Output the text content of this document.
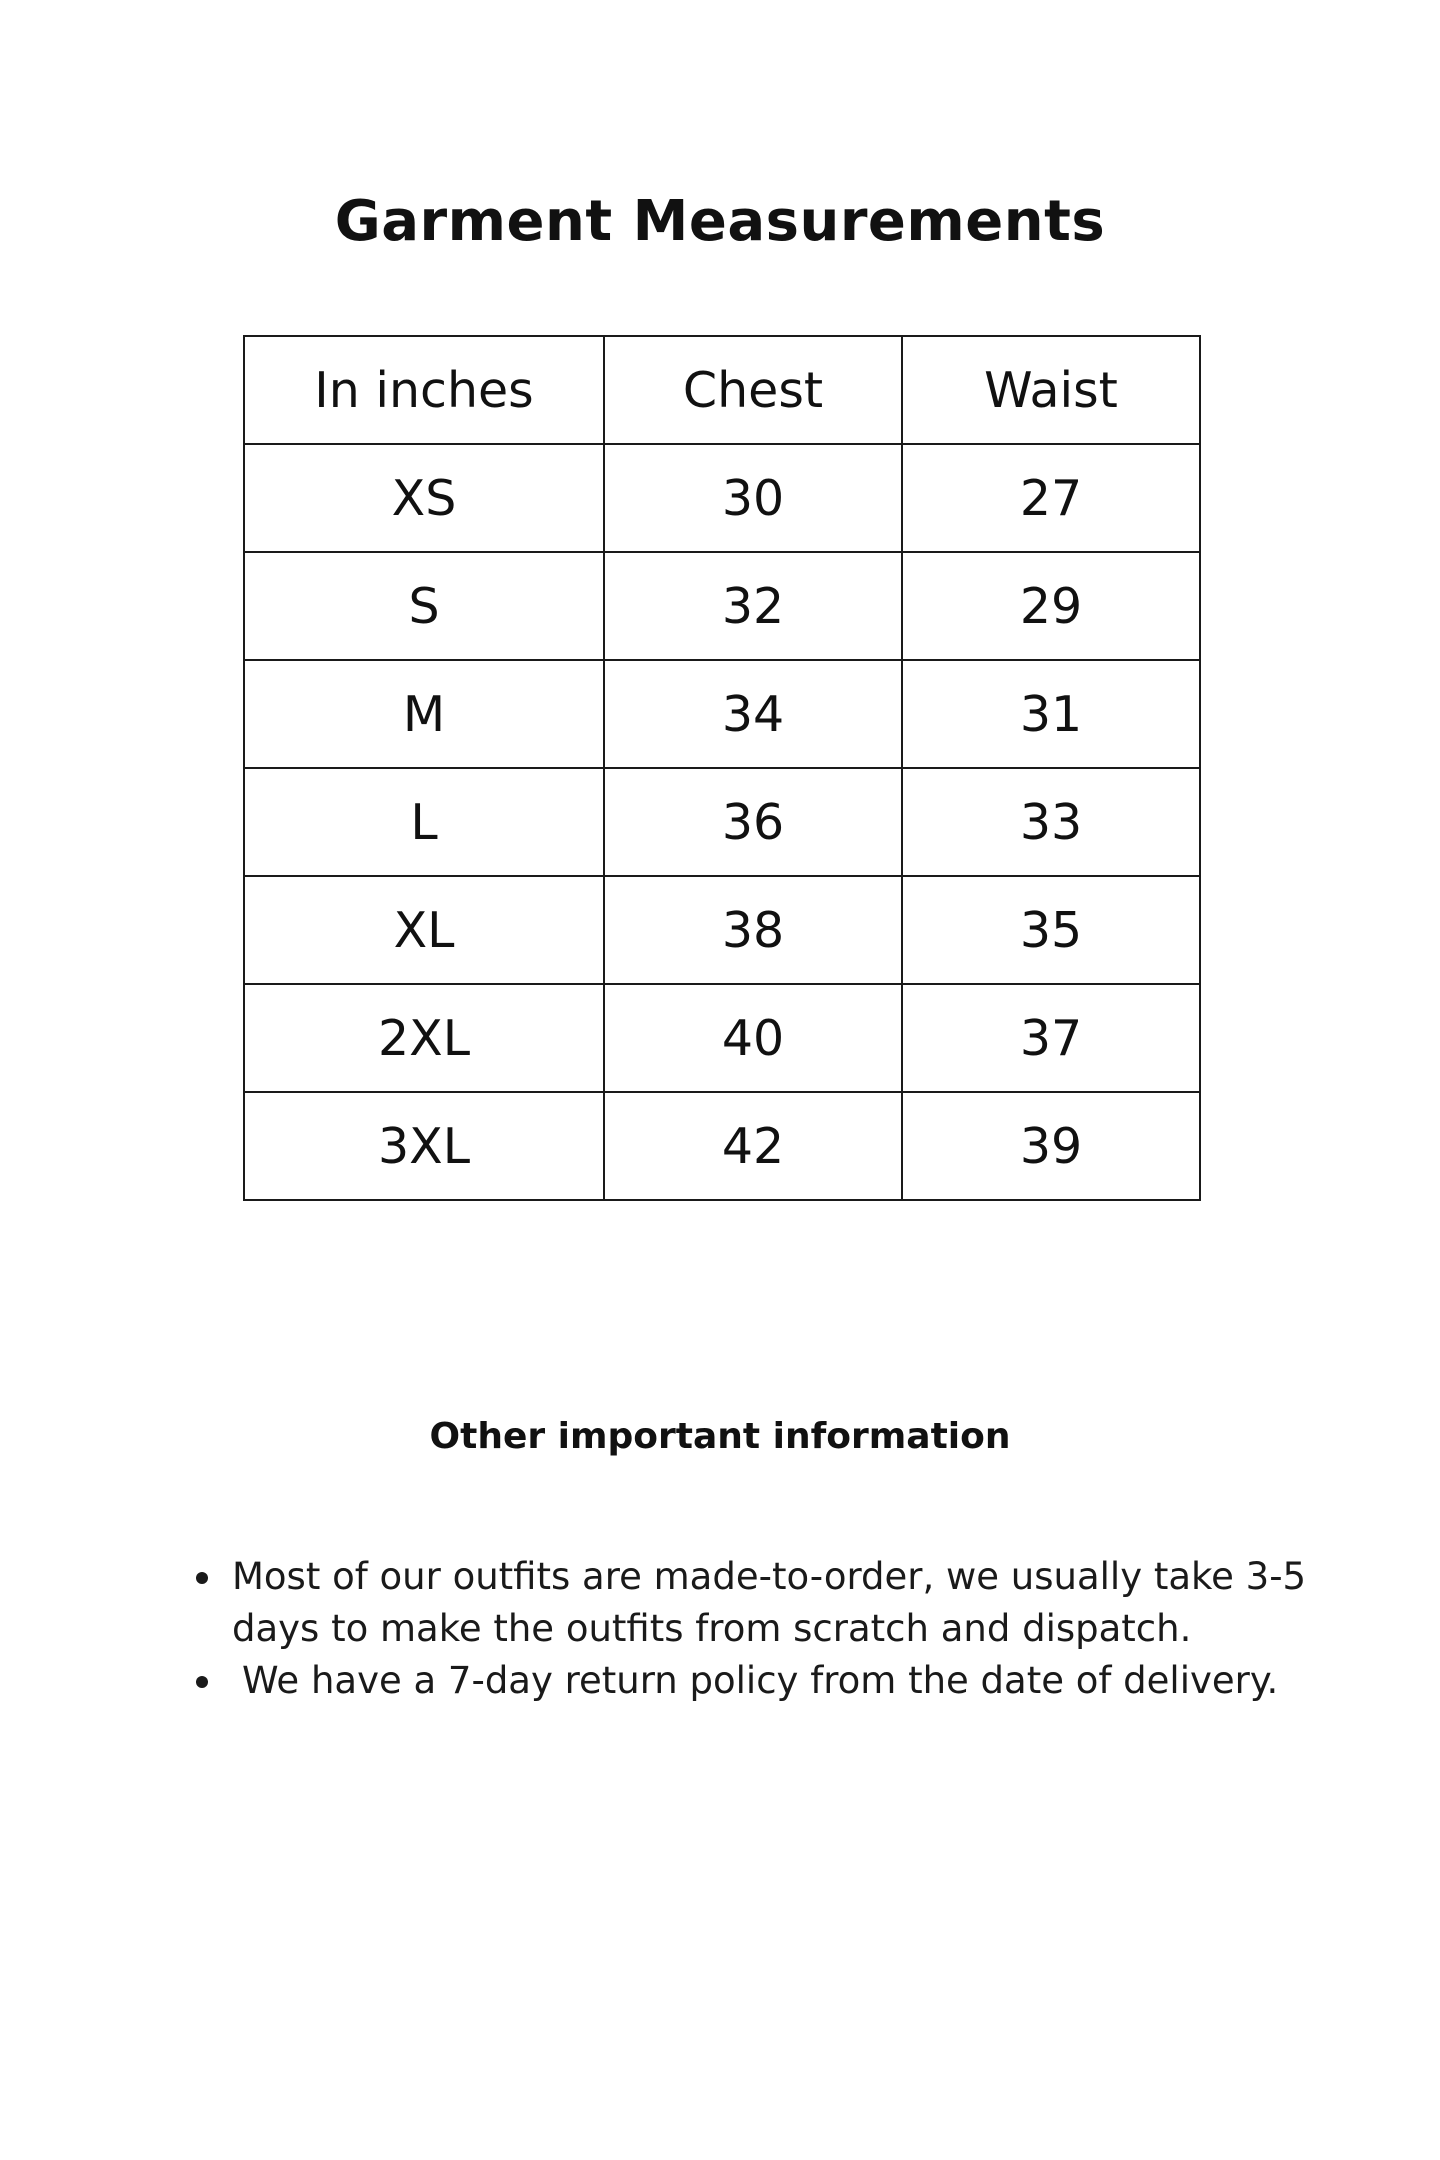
Garment Measurements
In inches	Chest	Waist
XS	30	27
S	32	29
M	34	31
L	36	33
XL	38	35
2XL	40	37
3XL	42	39
Other important information
Most of our outfits are made-to-order, we usually take 3-5 days to make the outfits from scratch and dispatch.
We have a 7-day return policy from the date of delivery.
